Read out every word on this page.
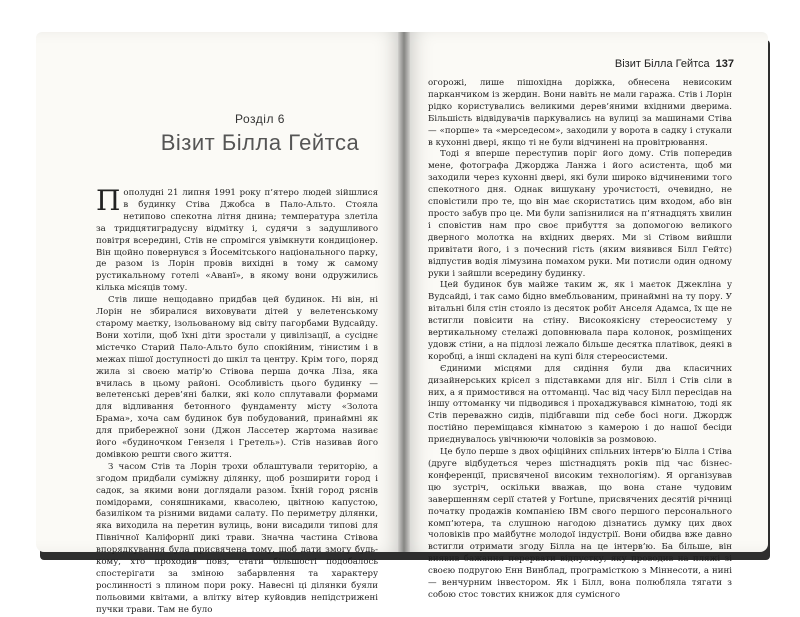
Візит Білла Гейтса 137
Розділ 6
Візит Білла Гейтса

Пополудні 21 липня 1991 року п’ятеро людей зійшлися в будинку Стіва Джобса в Пало-Альто. Стояла нетипово спекотна літня днина; температура злетіла за тридцятиградусну відмітку і, судячи з задушливого повітря всередині, Стів не спромігся увімкнути кондиціонер. Він щойно повернувся з Йосемітського національного парку, де разом із Лорін провів вихідні в тому ж самому рустикальному готелі «Аванї», в якому вони одружились кілька місяців тому.

Стів лише нещодавно придбав цей будинок. Ні він, ні Лорін не збиралися виховувати дітей у велетенському старому маєтку, ізольованому від світу пагорбами Вудсайду. Вони хотіли, щоб їхні діти зростали у цивілізації, а сусіднє містечко Старий Пало-Альто було спокійним, тінистим і в межах пішої доступності до шкіл та центру. Крім того, поряд жила зі своєю матір’ю Стівова перша дочка Ліза, яка вчилась в цьому районі. Особливість цього будинку — велетенські дерев’яні балки, які коло сплутавали формами для відливання бетонного фундаменту місту «Золота Брама», хоча сам будинок був побудований, принаймні як для прибережної зони (Джон Лассетер жартома називає його «будиночком Гензеля і Гретель»). Стів називав його домівкою решти свого життя.

З часом Стів та Лорін трохи облаштували територію, а згодом придбали суміжну ділянку, щоб розширити город і садок, за якими вони доглядали разом. Їхній город ряснів помідорами, соняшниками, квасолею, цвітною капустою, базиліком та різними видами салату. По периметру ділянки, яка виходила на перетин вулиць, вони висадили типові для Північної Каліфорнії дикі трави. Значна частина Стівова впорядкування була присвячена тому, щоб дати змогу будь-кому, хто проходив повз, стати більшості подобалось спостерігати за зміною забарвлення та характеру рослинності з плином пори року. Навесні ці ділянки буяли польовими квітами, а влітку вітер куйовдив непідстрижені пучки трави. Там не було

огорожі, лише пішохідна доріжка, обнесена невисоким парканчиком із жердин. Вони навіть не мали гаража. Стів і Лорін рідко користувались великими дерев’яними вхідними дверима. Більшість відвідувачів паркувались на вулиці за машинами Стіва — «порше» та «мерседесом», заходили у ворота в садку і стукали в кухонні двері, якщо ті не були відчинені на провітрювання.

Тоді я вперше переступив поріг його дому. Стів попередив мене, фотографа Джорджа Ланжа і його асистента, щоб ми заходили через кухонні двері, які були широко відчиненими того спекотного дня. Однак вишукану урочистості, очевидно, не сповістили про те, що він має скористатись цим входом, або він просто забув про це. Ми були запізнилися на п’ятнадцять хвилин і сповістив нам про своє прибуття за допомогою великого дверного молотка на вхідних дверях. Ми зі Стівом вийшли привітати його, і з почесний гість (яким виявився Білл Гейтс) відпустив водія лімузина помахом руки. Ми потисли один одному руки і зайшли всередину будинку.

Цей будинок був майже таким ж, як і маєток Джекліна у Вудсайді, і так само бідно вмебльованим, принаймні на ту пору. У вітальні біля стін стояло із десяток робіт Анселя Адамса, їх ще не встигли повісити на стіну. Високоякісну стереосистему у вертикальному стелажі доповнювала пара колонок, розміщених удовж стіни, а на підлозі лежало більше десятка платівок, деякі в коробці, а інші складені на купі біля стереосистеми.

Єдиними місцями для сидіння були два класичних дизайнерських крісел з підставками для ніг. Білл і Стів сіли в них, а я примостився на оттоманці. Час від часу Білл пересідав на іншу оттоманку чи підводився і прохаджувався кімнатою, тоді як Стів переважно сидів, підібгавши під себе босі ноги. Джордж постійно переміщався кімнатою з камерою і до нашої бесіди приєднувалось увічнюючи чоловіків за розмовою.

Це було перше з двох офіційних спільних інтерв’ю Білла і Стіва (друге відбудеться через шістнадцять років під час бізнес-конференції, присвяченої високим технологіям). Я організував цю зустріч, оскільки вважав, що вона стане чудовим завершенням серії статей у Fortune, присвячених десятій річниці початку продажів компанією IBM свого першого персонального комп’ютера, та слушною нагодою дізнатись думку цих двох чоловіків про майбутнє молодої індустрії. Вони обидва вже давно встигли отримати згоду Білла на це інтерв’ю. Ба більше, він виявив бажання перервати відпустку, яку проводив на пляжі зі своєю подругою Енн Винблад, програмісткою з Міннесоти, а нині — венчурним інвестором. Як і Білл, вона полюбляла тягати з собою стос товстих книжок для сумісного
